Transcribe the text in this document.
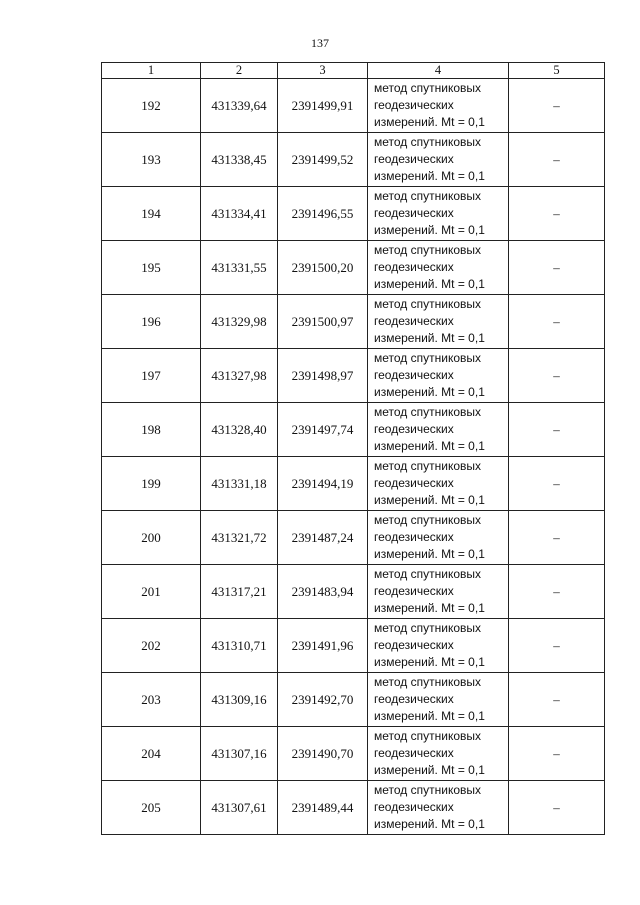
137
1	2	3	4	5
192	431339,64	2391499,91	метод спутниковых
геодезических
измерений. Mt = 0,1	–
193	431338,45	2391499,52	метод спутниковых
геодезических
измерений. Mt = 0,1	–
194	431334,41	2391496,55	метод спутниковых
геодезических
измерений. Mt = 0,1	–
195	431331,55	2391500,20	метод спутниковых
геодезических
измерений. Mt = 0,1	–
196	431329,98	2391500,97	метод спутниковых
геодезических
измерений. Mt = 0,1	–
197	431327,98	2391498,97	метод спутниковых
геодезических
измерений. Mt = 0,1	–
198	431328,40	2391497,74	метод спутниковых
геодезических
измерений. Mt = 0,1	–
199	431331,18	2391494,19	метод спутниковых
геодезических
измерений. Mt = 0,1	–
200	431321,72	2391487,24	метод спутниковых
геодезических
измерений. Mt = 0,1	–
201	431317,21	2391483,94	метод спутниковых
геодезических
измерений. Mt = 0,1	–
202	431310,71	2391491,96	метод спутниковых
геодезических
измерений. Mt = 0,1	–
203	431309,16	2391492,70	метод спутниковых
геодезических
измерений. Mt = 0,1	–
204	431307,16	2391490,70	метод спутниковых
геодезических
измерений. Mt = 0,1	–
205	431307,61	2391489,44	метод спутниковых
геодезических
измерений. Mt = 0,1	–
